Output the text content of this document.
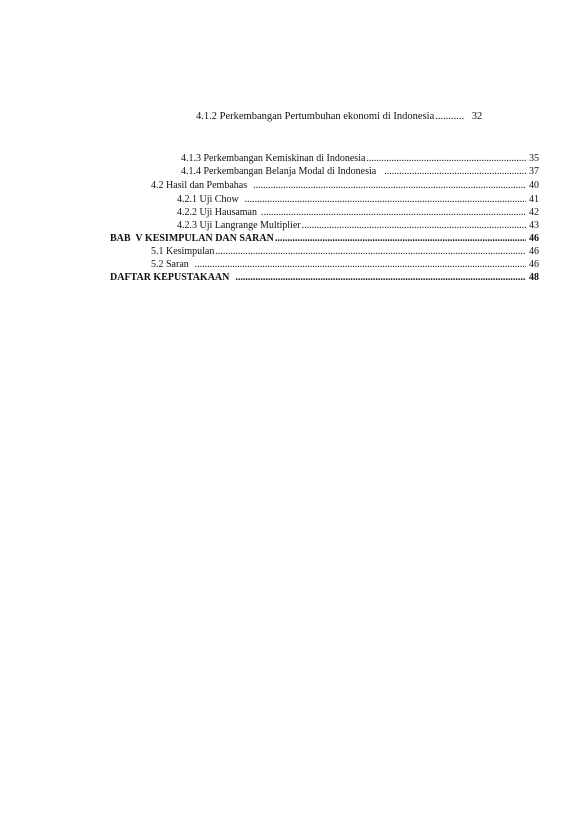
4.1.2 Perkembangan Pertumbuhan ekonomi di Indonesia .....	32
4.1.3 Perkembangan Kemiskinan di Indonesia .....	35
4.1.4 Perkembangan Belanja Modal di Indonesia .....	37
4.2 Hasil dan Pembahas .....	40
4.2.1 Uji Chow .....	41
4.2.2 Uji Hausaman .....	42
4.2.3 Uji Langrange Multiplier .....	43
BAB  V KESIMPULAN DAN SARAN .....	46
5.1 Kesimpulan .....	46
5.2 Saran .....	46
DAFTAR KEPUSTAKAAN .....	48
